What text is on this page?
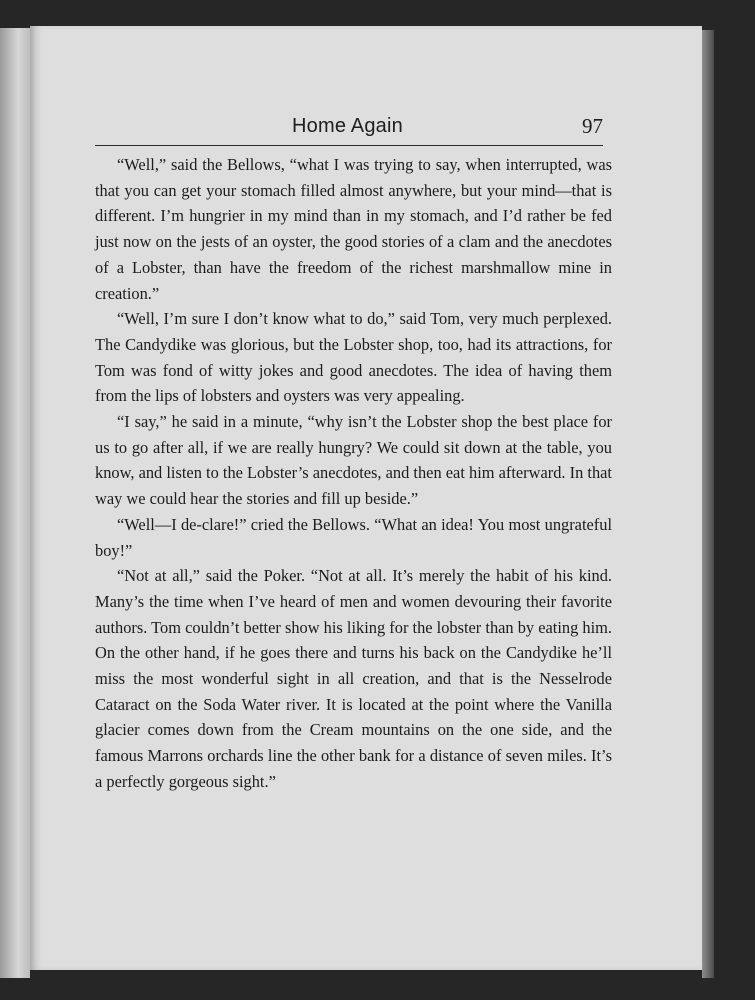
Home Again	97

“Well,” said the Bellows, “what I was trying to say, when interrupted, was that you can get your stomach filled almost anywhere, but your mind—that is different. I’m hungrier in my mind than in my stomach, and I’d rather be fed just now on the jests of an oyster, the good stories of a clam and the anecdotes of a Lobster, than have the freedom of the richest marshmallow mine in creation.”

“Well, I’m sure I don’t know what to do,” said Tom, very much perplexed. The Candydike was glorious, but the Lobster shop, too, had its attractions, for Tom was fond of witty jokes and good anecdotes. The idea of having them from the lips of lobsters and oysters was very appealing.

“I say,” he said in a minute, “why isn’t the Lobster shop the best place for us to go after all, if we are really hungry? We could sit down at the table, you know, and listen to the Lobster’s anecdotes, and then eat him afterward. In that way we could hear the stories and fill up beside.”

“Well—I de-clare!” cried the Bellows. “What an idea! You most ungrateful boy!”

“Not at all,” said the Poker. “Not at all. It’s merely the habit of his kind. Many’s the time when I’ve heard of men and women devouring their favorite authors. Tom couldn’t better show his liking for the lobster than by eating him. On the other hand, if he goes there and turns his back on the Candydike he’ll miss the most wonderful sight in all creation, and that is the Nesselrode Cataract on the Soda Water river. It is located at the point where the Vanilla glacier comes down from the Cream mountains on the one side, and the famous Marrons orchards line the other bank for a distance of seven miles. It’s a perfectly gorgeous sight.”
